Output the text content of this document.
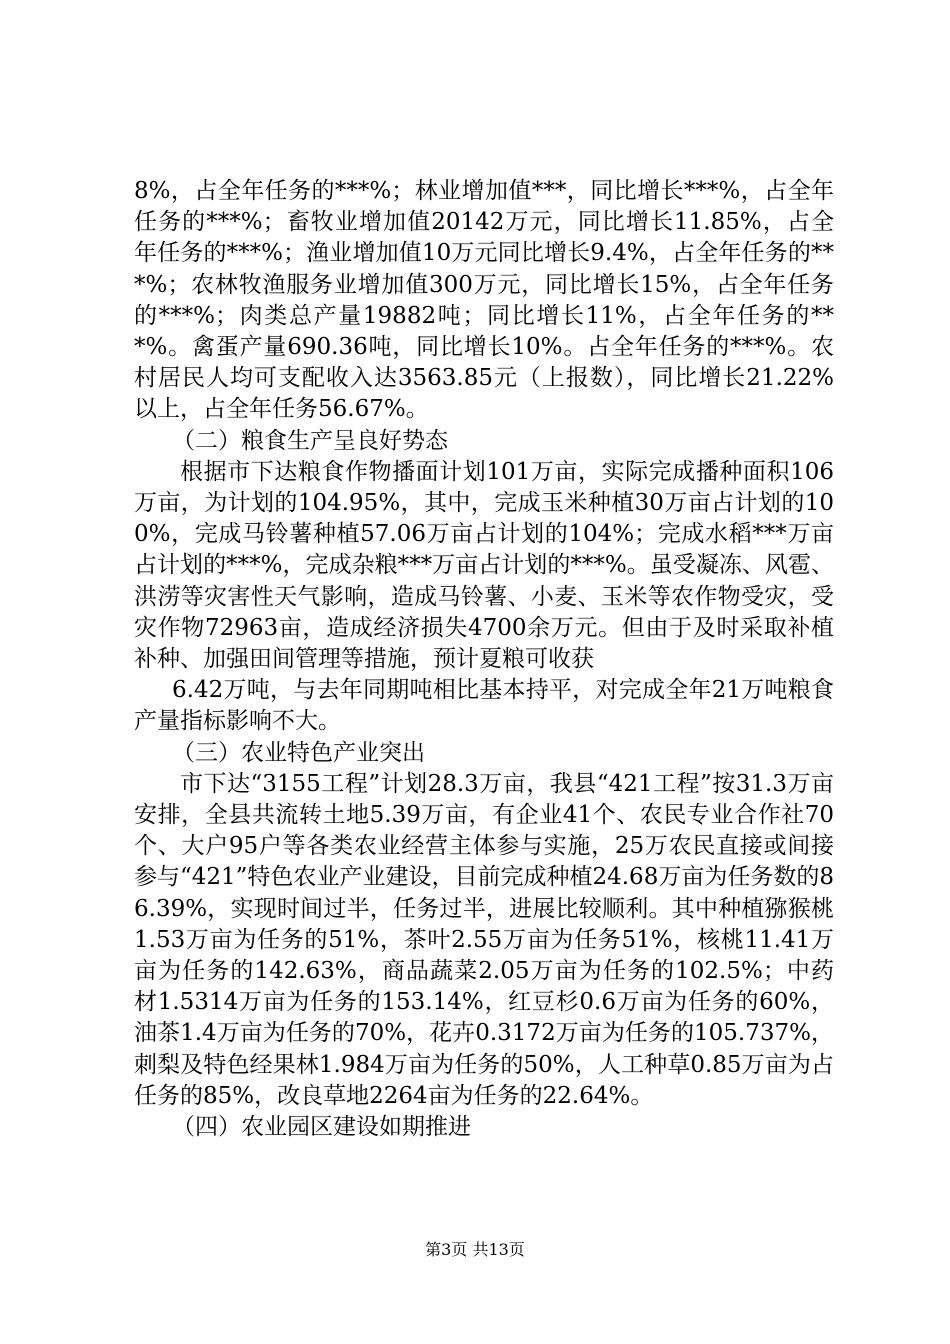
8%，占全年任务的***%；林业增加值***，同比增长***%，占全年任务的***%；畜牧业增加值20142万元，同比增长11.85%，占全年任务的***%；渔业增加值10万元同比增长9.4%，占全年任务的***%；农林牧渔服务业增加值300万元，同比增长15%，占全年任务的***%；肉类总产量19882吨；同比增长11%，占全年任务的***%。禽蛋产量690.36吨，同比增长10%。占全年任务的***%。农村居民人均可支配收入达3563.85元（上报数），同比增长21.22%以上，占全年任务56.67%。

（二）粮食生产呈良好势态

根据市下达粮食作物播面计划101万亩，实际完成播种面积106万亩，为计划的104.95%，其中，完成玉米种植30万亩占计划的100%，完成马铃薯种植57.06万亩占计划的104%；完成水稻***万亩占计划的***%，完成杂粮***万亩占计划的***%。虽受凝冻、风雹、洪涝等灾害性天气影响，造成马铃薯、小麦、玉米等农作物受灾，受灾作物72963亩，造成经济损失4700余万元。但由于及时采取补植补种、加强田间管理等措施，预计夏粮可收获

6.42万吨，与去年同期吨相比基本持平，对完成全年21万吨粮食产量指标影响不大。

（三）农业特色产业突出

市下达“3155工程”计划28.3万亩，我县“421工程”按31.3万亩安排，全县共流转土地5.39万亩，有企业41个、农民专业合作社70个、大户95户等各类农业经营主体参与实施，25万农民直接或间接参与“421”特色农业产业建设，目前完成种植24.68万亩为任务数的86.39%，实现时间过半，任务过半，进展比较顺利。其中种植猕猴桃1.53万亩为任务的51%，茶叶2.55万亩为任务51%，核桃11.41万亩为任务的142.63%，商品蔬菜2.05万亩为任务的102.5%；中药材1.5314万亩为任务的153.14%，红豆杉0.6万亩为任务的60%，油茶1.4万亩为任务的70%，花卉0.3172万亩为任务的105.737%，刺梨及特色经果林1.984万亩为任务的50%，人工种草0.85万亩为占任务的85%，改良草地2264亩为任务的22.64%。

（四）农业园区建设如期推进

第3页 共13页
